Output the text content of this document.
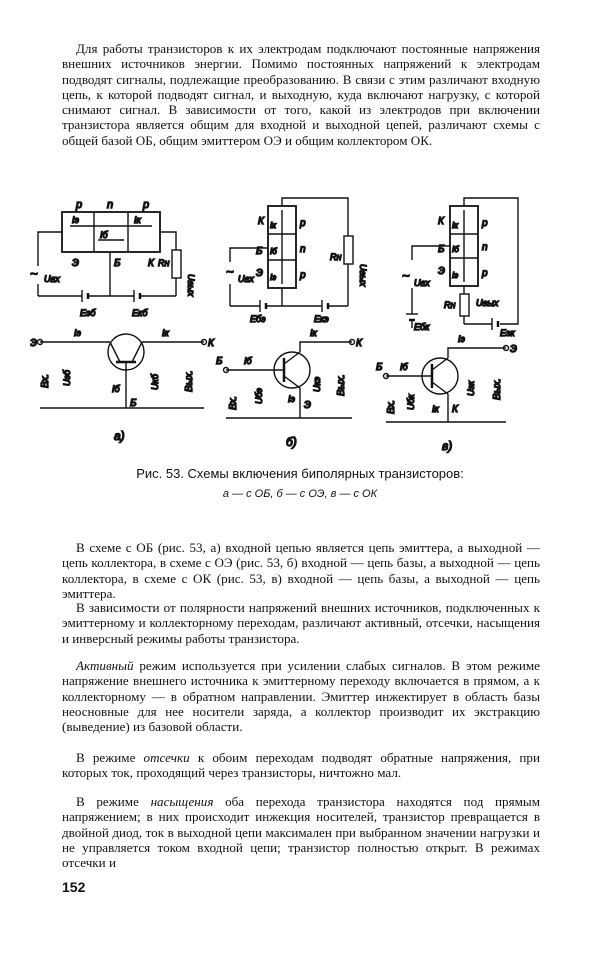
Для работы транзисторов к их электродам подключают постоянные напряжения внешних источников энергии. Помимо постоянных напряжений к электродам подводят сигналы, подлежащие преобразованию. В связи с этим различают входную цепь, к которой подводят сигнал, и выходную, куда включают нагрузку, с которой снимают сигнал. В зависимости от того, какой из электродов при включении транзистора является общим для входной и выходной цепей, различают схемы с общей базой ОБ, общим эмиттером ОЭ и общим коллектором ОК.

p n	p
Iэ
Iб
Iк
Э	Б	К Rн
Uвых
~ Uвх
Eэб	Eкб
p
n
p
К
Б
Э
Iк
Iб
Iэ
Rн
Uвых
~ Uвх
Eбэ	Eкэ
p
n
p
К
Б
Э
Iк
Iб
Iэ
~ Uвх
Eбк
Rн Uвых
Eэк
Э	К
Iэ	Iк
Iб
Б
Uэб	Uкб
Вх.	Вых.
а)
К
Б Iб
Э
Iэ
Iк
Uбэ
Uкэ
Вх.
Вых.
б)
Э
Iэ
Б Iб
Iк К
Uбк
Uэк
Вх.
Вых.
в)
Рис. 53. Схемы включения биполярных транзисторов:
а — с ОБ, б — с ОЭ, в — с ОК

В схеме с ОБ (рис. 53, а) входной цепью является цепь эмиттера, а выходной — цепь коллектора, в схеме с ОЭ (рис. 53, б) входной — цепь базы, а выходной — цепь коллектора, в схеме с ОК (рис. 53, в) входной — цепь базы, а выходной — цепь эмиттера.

В зависимости от полярности напряжений внешних источников, подключенных к эмиттерному и коллекторному переходам, различают активный, отсечки, насыщения и инверсный режимы работы транзистора.

Активный режим используется при усилении слабых сигналов. В этом режиме напряжение внешнего источника к эмиттерному переходу включается в прямом, а к коллекторному — в обратном направлении. Эмиттер инжектирует в область базы неосновные для нее носители заряда, а коллектор производит их экстракцию (выведение) из базовой области.

В режиме отсечки к обоим переходам подводят обратные напряжения, при которых ток, проходящий через транзисторы, ничтожно мал.

В режиме насыщения оба перехода транзистора находятся под прямым напряжением; в них происходит инжекция носителей, транзистор превращается в двойной диод, ток в выходной цепи максимален при выбранном значении нагрузки и не управляется током входной цепи; транзистор полностью открыт. В режимах отсечки и

152
